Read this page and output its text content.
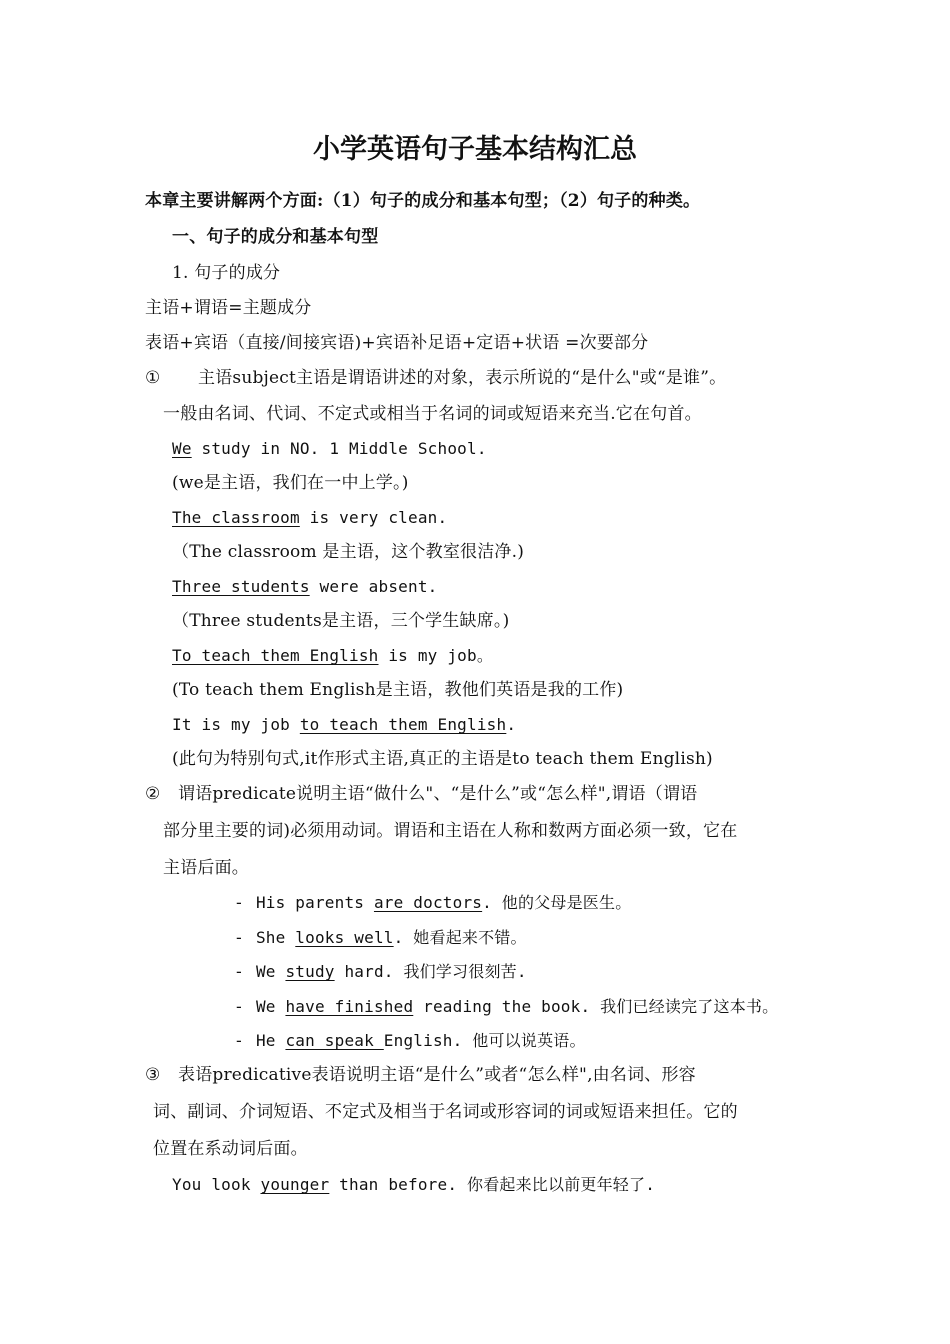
小学英语句子基本结构汇总
本章主要讲解两个方面:（1）句子的成分和基本句型；（2）句子的种类。
一、句子的成分和基本句型
1. 句子的成分
主语+谓语=主题成分
表语+宾语（直接/间接宾语)+宾语补足语+定语+状语 =次要部分
① 主语subject主语是谓语讲述的对象，表示所说的“是什么"或“是谁”。
一般由名词、代词、不定式或相当于名词的词或短语来充当.它在句首。
We study in NO. 1 Middle School.
(we是主语，我们在一中上学。)
The classroom is very clean.
（The classroom 是主语，这个教室很洁净.)
Three students were absent.
（Three students是主语，三个学生缺席。)
To teach them English is my job。
(To teach them English是主语，教他们英语是我的工作)
It is my job to teach them English.
(此句为特别句式,it作形式主语,真正的主语是to teach them English)
② 谓语predicate说明主语“做什么"、“是什么”或“怎么样",谓语（谓语
部分里主要的词)必须用动词。谓语和主语在人称和数两方面必须一致，它在
主语后面。
- His parents are doctors. 他的父母是医生。
- She looks well. 她看起来不错。
- We study hard. 我们学习很刻苦.
- We have finished reading the book. 我们已经读完了这本书。
- He can speak English. 他可以说英语。
③ 表语predicative表语说明主语“是什么”或者“怎么样",由名词、形容
词、副词、介词短语、不定式及相当于名词或形容词的词或短语来担任。它的
位置在系动词后面。
You look younger than before. 你看起来比以前更年轻了.
